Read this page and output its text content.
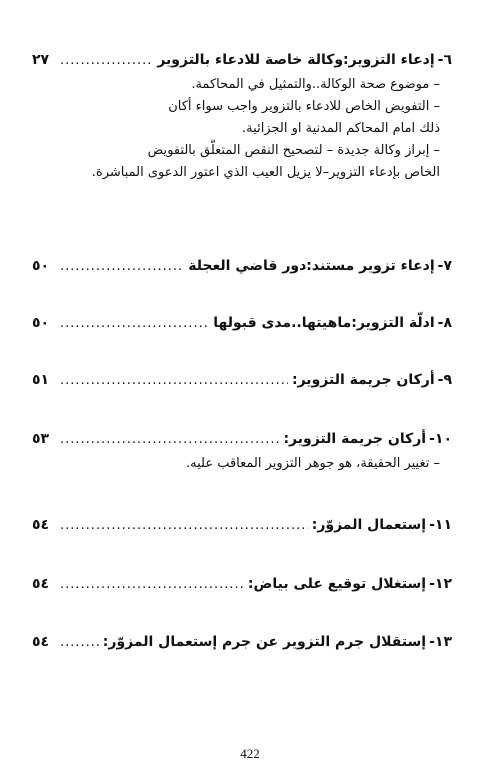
٦-
إدعاء التزوير:وكالة خاصة للادعاء بالتزوير
.....
٢٧
– موضوع صحة الوكالة..والتمثيل في المحاكمة.
– التفويض الخاص للادعاء بالتزوير واجب سواء أكان
ذلك امام المحاكم المدنية او الجزائية.
– إبراز وكالة جديدة – لتصحيح النقص المتعلّق بالتفويض
الخاص بإدعاء التزوير–لا يزيل العيب الذي اعتور الدعوى المباشرة.
٧-
إدعاء تزوير مستند:دور قاضي العجلة
.....
٥٠
٨-
ادلّة التزوير:ماهيتها..مدى قبولها
.....
٥٠
٩-
أركان جريمة التزوير:
.....
٥١
١٠-
أركان جريمة التزوير:
.....
٥٣
– تغيير الحقيقة، هو جوهر التزوير المعاقب عليه.
١١-
إستعمال المزوّر:
.....
٥٤
١٢-
إستغلال توقيع على بياض:
.....
٥٤
١٣-
إستقلال جرم التزوير عن جرم إستعمال المزوّر:
.....
٥٤
422
